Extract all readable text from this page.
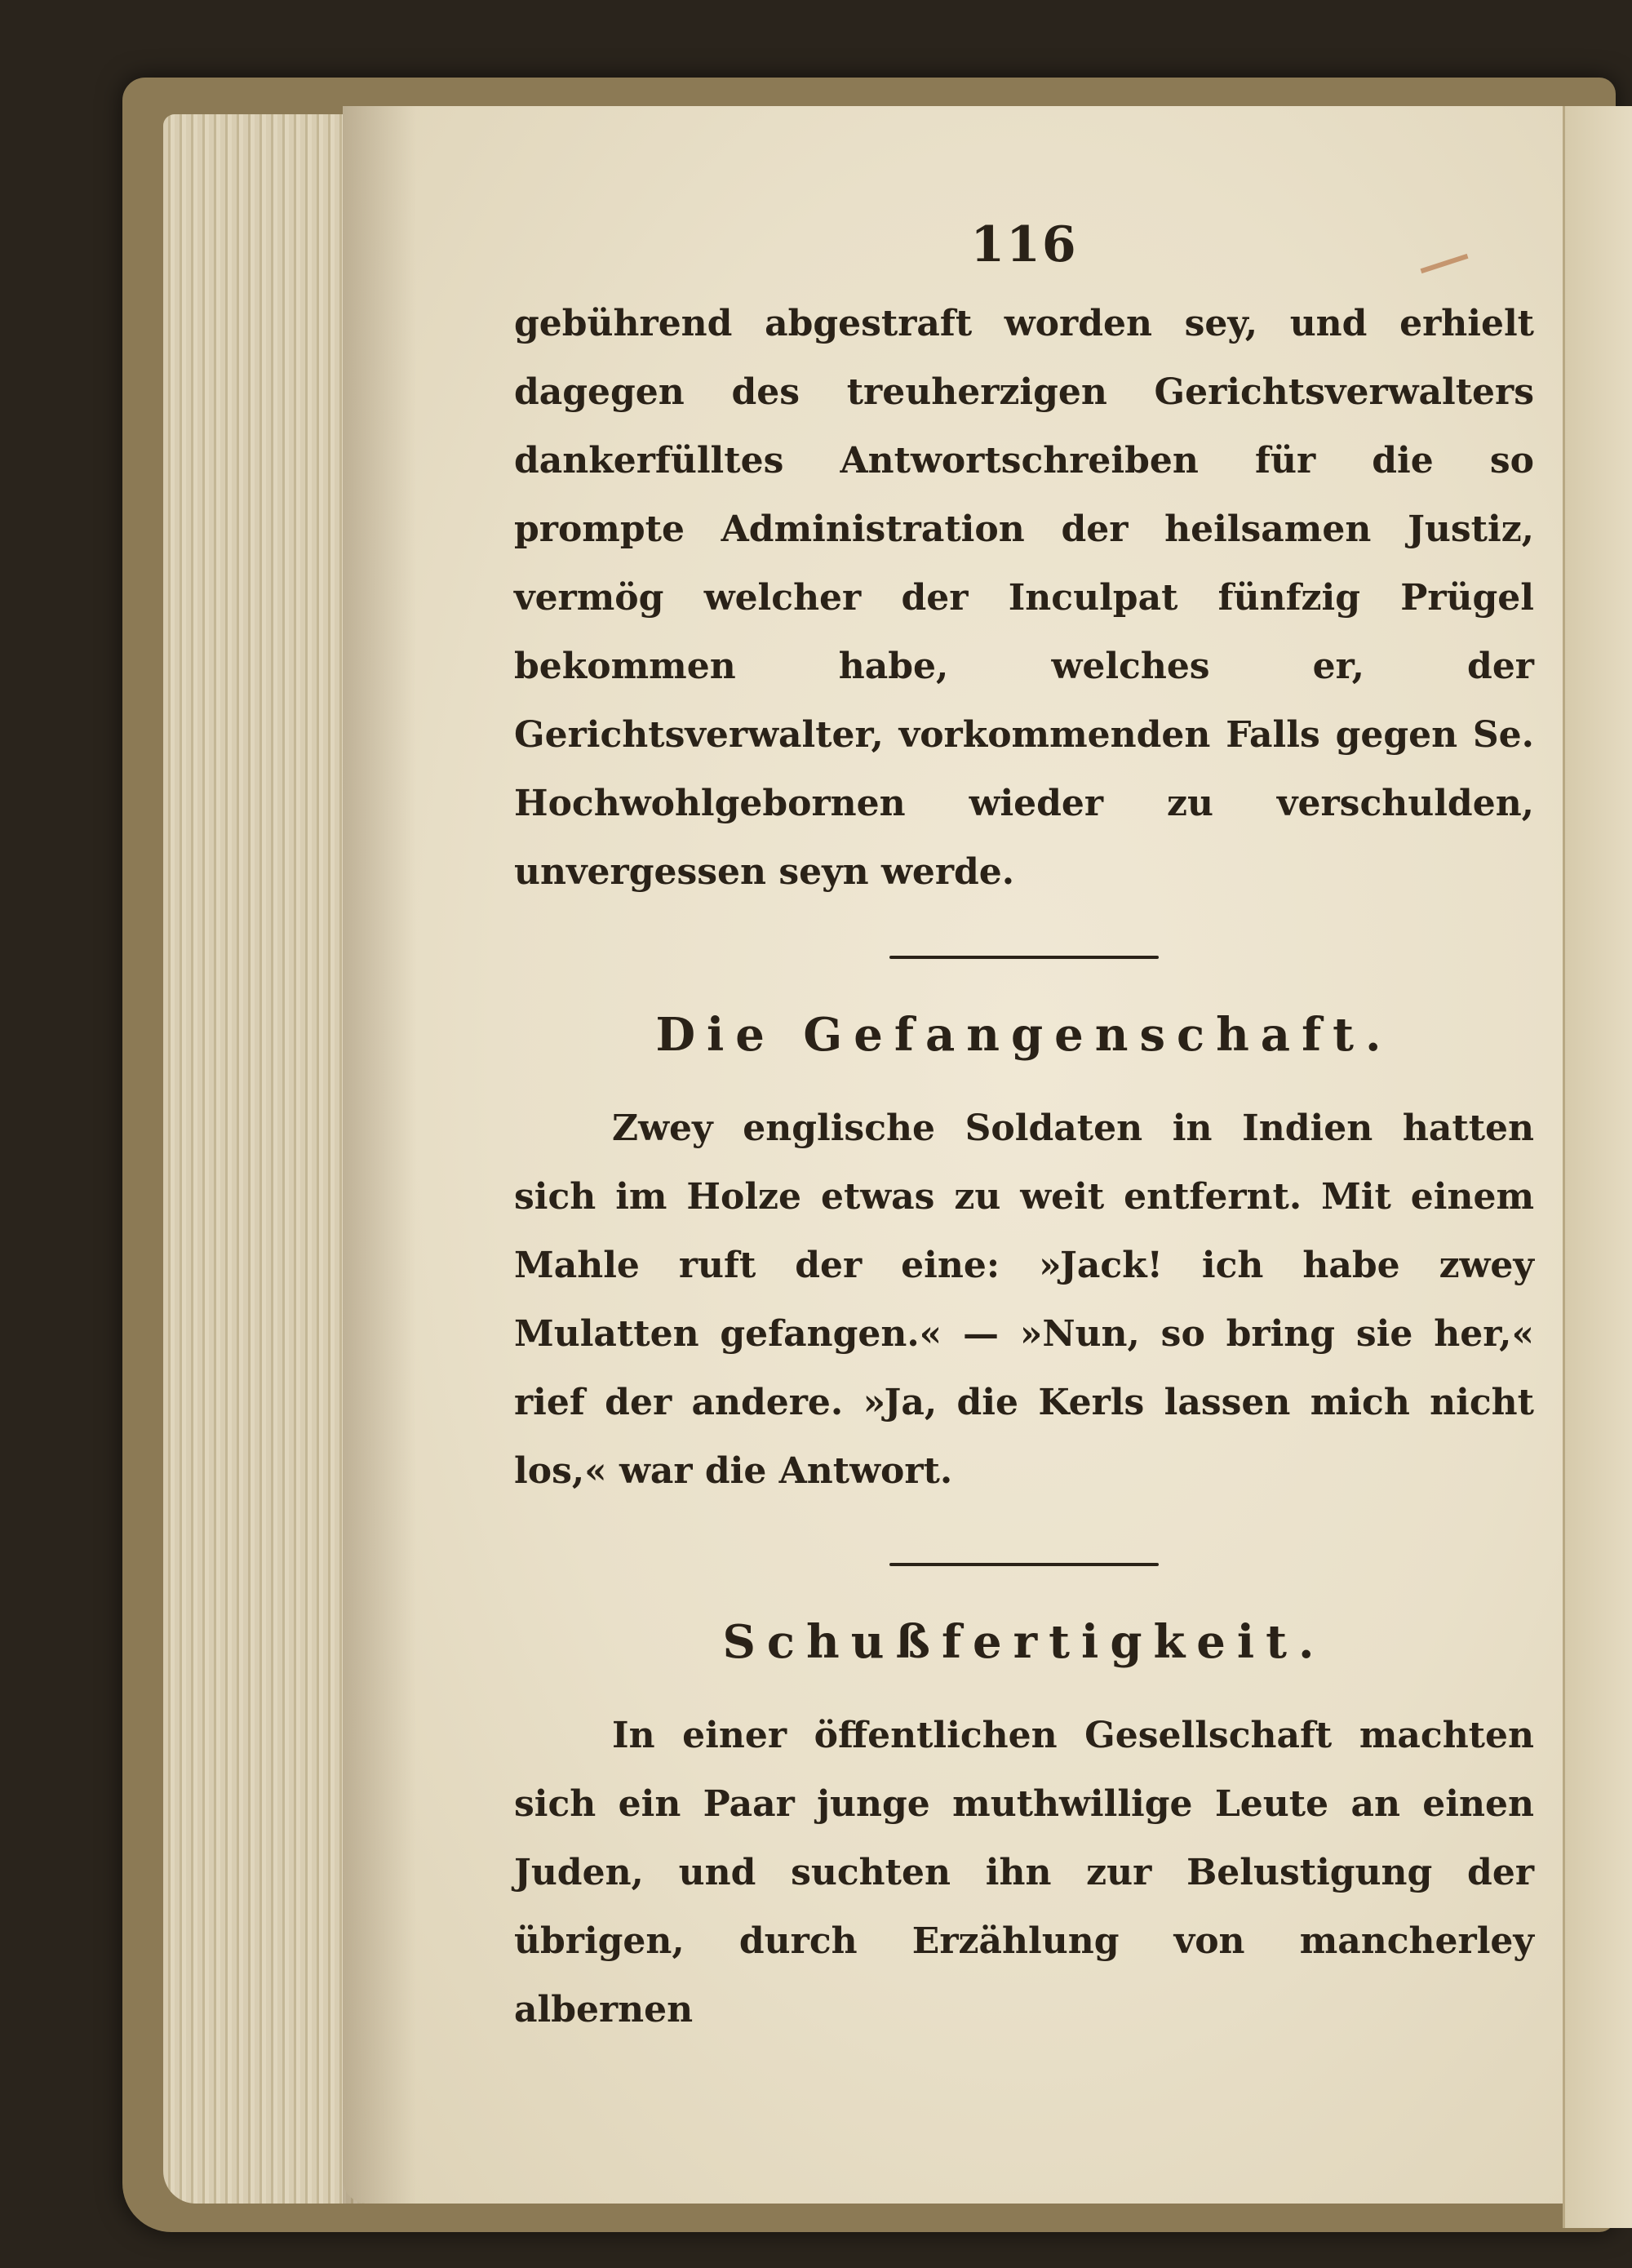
116

gebührend abgestraft worden sey, und erhielt dagegen des treuherzigen Gerichtsverwalters dankerfülltes Antwortschreiben für die so prompte Administration der heilsamen Justiz, vermög welcher der Inculpat fünfzig Prügel bekommen habe, welches er, der Gerichtsverwalter, vorkommenden Falls gegen Se. Hochwohlgebornen wieder zu verschulden, unvergessen seyn werde.

Die Gefangenschaft.

Zwey englische Soldaten in Indien hatten sich im Holze etwas zu weit entfernt. Mit einem Mahle ruft der eine: »Jack! ich habe zwey Mulatten gefangen.« — »Nun, so bring sie her,« rief der andere. »Ja, die Kerls lassen mich nicht los,« war die Antwort.

Schußfertigkeit.

In einer öffentlichen Gesellschaft machten sich ein Paar junge muthwillige Leute an einen Juden, und suchten ihn zur Belustigung der übrigen, durch Erzählung von mancherley albernen
